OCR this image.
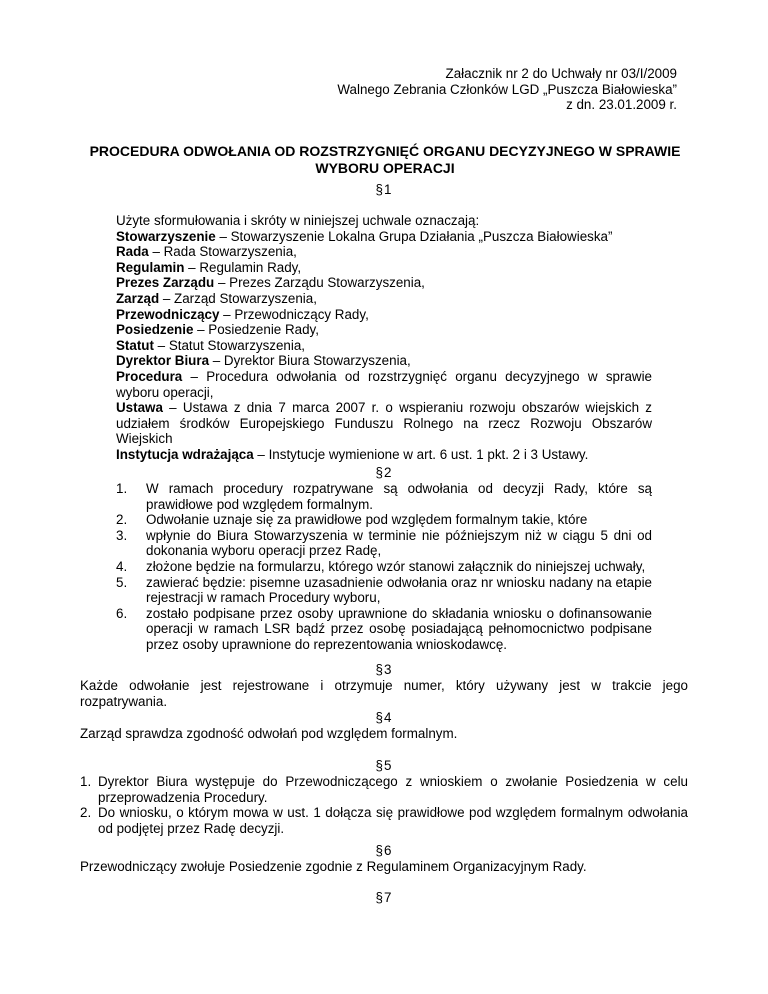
Załacznik nr 2 do Uchwały nr 03/I/2009
Walnego Zebrania Członków LGD „Puszcza Białowieska”
z dn. 23.01.2009 r.
PROCEDURA ODWOŁANIA OD ROZSTRZYGNIĘĆ ORGANU DECYZYJNEGO W SPRAWIE WYBORU OPERACJI
§1

Użyte sformułowania i skróty w niniejszej uchwale oznaczają:

Stowarzyszenie – Stowarzyszenie Lokalna Grupa Działania „Puszcza Białowieska”

Rada – Rada Stowarzyszenia,

Regulamin – Regulamin Rady,

Prezes Zarządu – Prezes Zarządu Stowarzyszenia,

Zarząd – Zarząd Stowarzyszenia,

Przewodniczący – Przewodniczący Rady,

Posiedzenie – Posiedzenie Rady,

Statut – Statut Stowarzyszenia,

Dyrektor Biura – Dyrektor Biura Stowarzyszenia,

Procedura – Procedura odwołania od rozstrzygnięć organu decyzyjnego w sprawie wyboru operacji,

Ustawa – Ustawa z dnia 7 marca 2007 r. o wspieraniu rozwoju obszarów wiejskich z udziałem środków Europejskiego Funduszu Rolnego na rzecz Rozwoju Obszarów Wiejskich

Instytucja wdrażająca – Instytucje wymienione w art. 6 ust. 1 pkt. 2 i 3 Ustawy.

§2
1. W ramach procedury rozpatrywane są odwołania od decyzji Rady, które są prawidłowe pod względem formalnym.
2. Odwołanie uznaje się za prawidłowe pod względem formalnym takie, które
3. wpłynie do Biura Stowarzyszenia w terminie nie późniejszym niż w ciągu 5 dni od dokonania wyboru operacji przez Radę,
4. złożone będzie na formularzu, którego wzór stanowi załącznik do niniejszej uchwały,
5. zawierać będzie: pisemne uzasadnienie odwołania oraz nr wniosku nadany na etapie rejestracji w ramach Procedury wyboru,
6. zostało podpisane przez osoby uprawnione do składania wniosku o dofinansowanie operacji w ramach LSR bądź przez osobę posiadającą pełnomocnictwo podpisane przez osoby uprawnione do reprezentowania wnioskodawcę.
§3
Każde odwołanie jest rejestrowane i otrzymuje numer, który używany jest w trakcie jego rozpatrywania.
§4
Zarząd sprawdza zgodność odwołań pod względem formalnym.
§5
1. Dyrektor Biura występuje do Przewodniczącego z wnioskiem o zwołanie Posiedzenia w celu przeprowadzenia Procedury.
2. Do wniosku, o którym mowa w ust. 1 dołącza się prawidłowe pod względem formalnym odwołania od podjętej przez Radę decyzji.
§6
Przewodniczący zwołuje Posiedzenie zgodnie z Regulaminem Organizacyjnym Rady.
§7
